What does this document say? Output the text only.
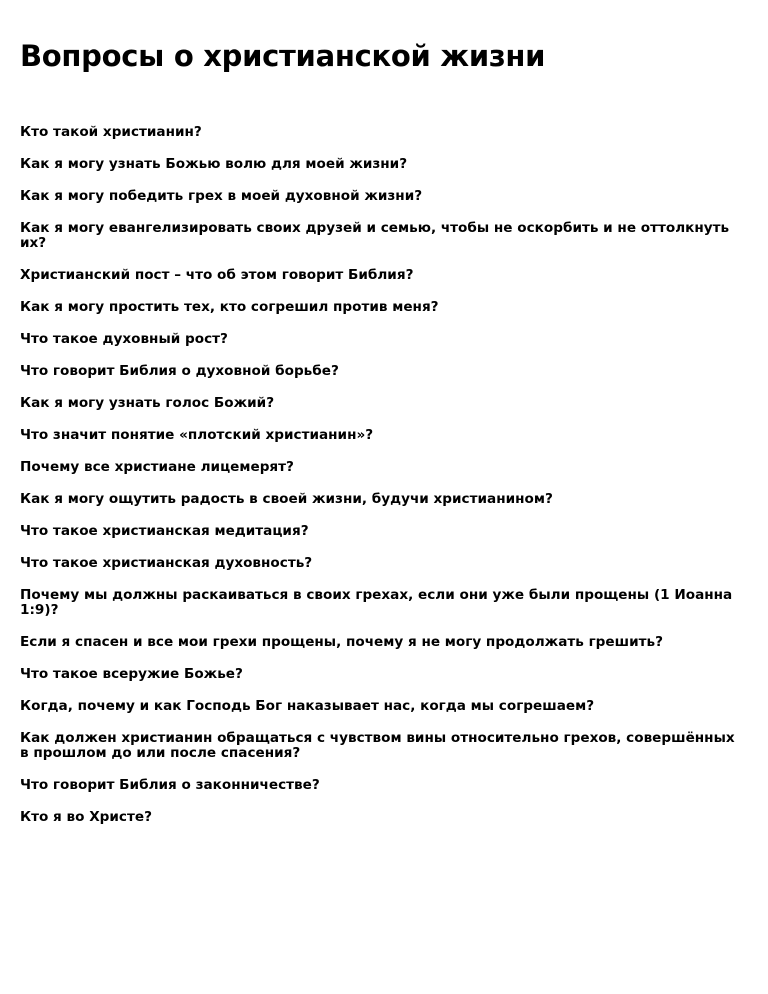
Вопросы о христианской жизни
Кто такой христианин?
Как я могу узнать Божью волю для моей жизни?
Как я могу победить грех в моей духовной жизни?
Как я могу евангелизировать своих друзей и семью, чтобы не оскорбить и не оттолкнуть их?
Христианский пост – что об этом говорит Библия?
Как я могу простить тех, кто согрешил против меня?
Что такое духовный рост?
Что говорит Библия о духовной борьбе?
Как я могу узнать голос Божий?
Что значит понятие «плотский христианин»?
Почему все христиане лицемерят?
Как я могу ощутить радость в своей жизни, будучи христианином?
Что такое христианская медитация?
Что такое христианская духовность?
Почему мы должны раскаиваться в своих грехах, если они уже были прощены (1 Иоанна 1:9)?
Если я спасен и все мои грехи прощены, почему я не могу продолжать грешить?
Что такое всеружие Божье?
Когда, почему и как Господь Бог наказывает нас, когда мы согрешаем?
Как должен христианин обращаться с чувством вины относительно грехов, совершённых в прошлом до или после спасения?
Что говорит Библия о законничестве?
Кто я во Христе?
